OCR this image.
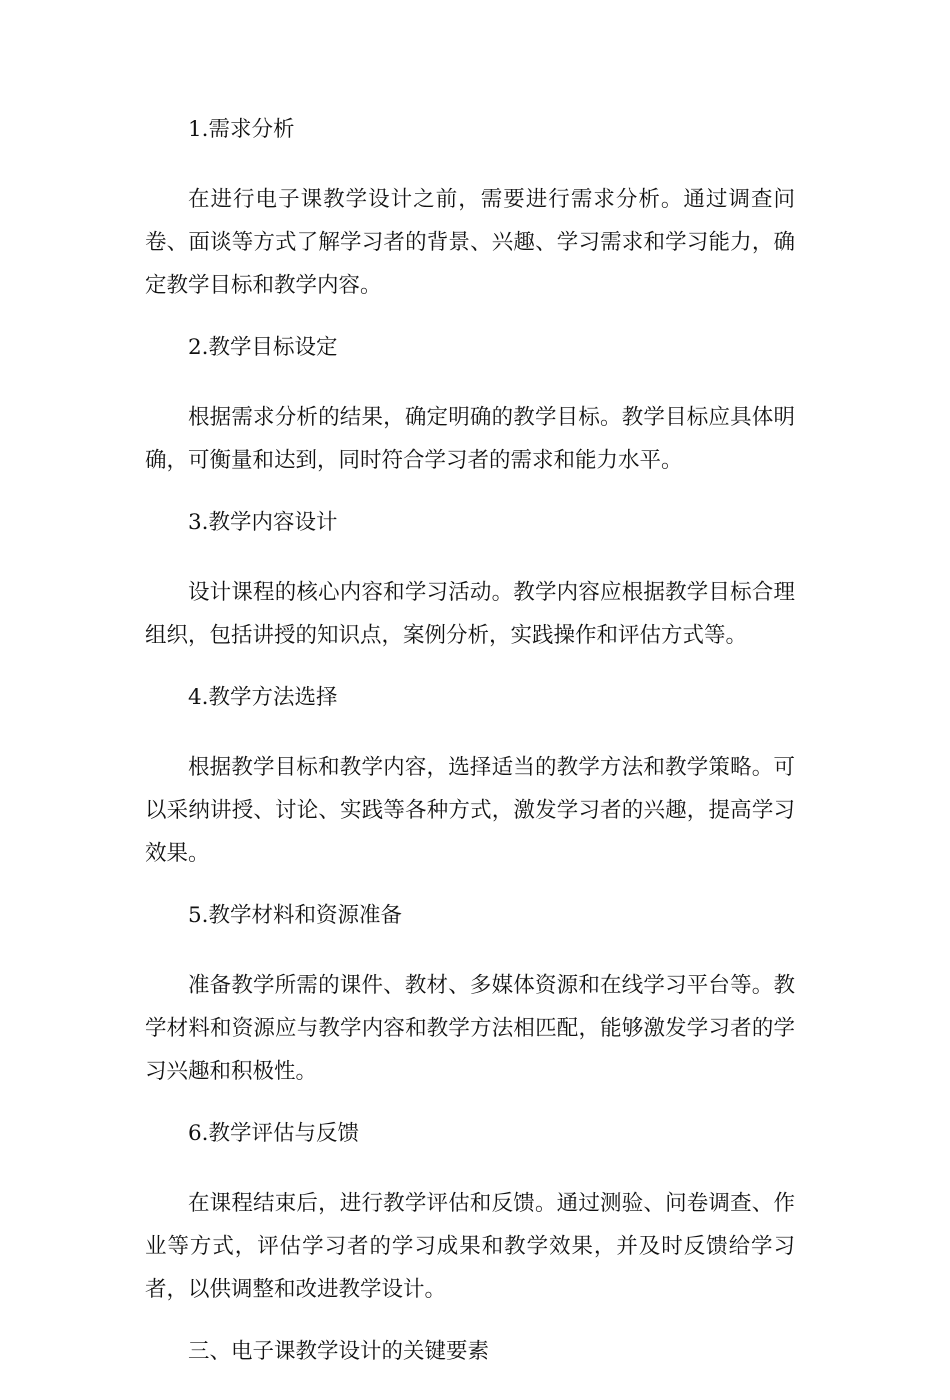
1.需求分析

在进行电子课教学设计之前，需要进行需求分析。通过调查问卷、面谈等方式了解学习者的背景、兴趣、学习需求和学习能力，确定教学目标和教学内容。

2.教学目标设定

根据需求分析的结果，确定明确的教学目标。教学目标应具体明确，可衡量和达到，同时符合学习者的需求和能力水平。

3.教学内容设计

设计课程的核心内容和学习活动。教学内容应根据教学目标合理组织，包括讲授的知识点，案例分析，实践操作和评估方式等。

4.教学方法选择

根据教学目标和教学内容，选择适当的教学方法和教学策略。可以采纳讲授、讨论、实践等各种方式，激发学习者的兴趣，提高学习效果。

5.教学材料和资源准备

准备教学所需的课件、教材、多媒体资源和在线学习平台等。教学材料和资源应与教学内容和教学方法相匹配，能够激发学习者的学习兴趣和积极性。

6.教学评估与反馈

在课程结束后，进行教学评估和反馈。通过测验、问卷调查、作业等方式，评估学习者的学习成果和教学效果，并及时反馈给学习者，以供调整和改进教学设计。

三、电子课教学设计的关键要素
